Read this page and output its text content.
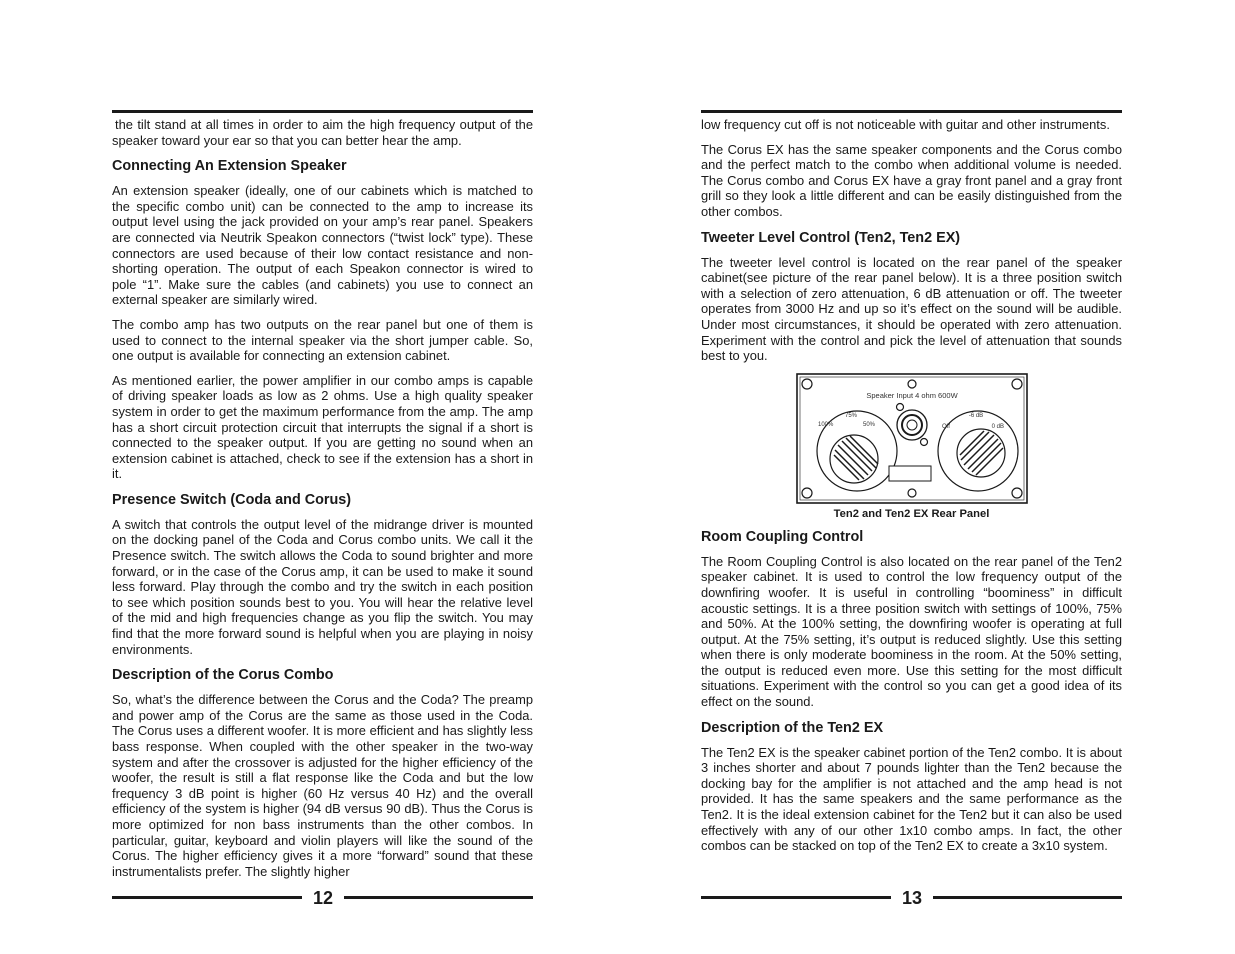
the tilt stand at all times in order to aim the high frequency output of the speaker toward your ear so that you can better hear the amp.

Connecting An Extension Speaker

An extension speaker (ideally, one of our cabinets which is matched to the specific combo unit) can be connected to the amp to increase its output level using the jack provided on your amp’s rear panel. Speakers are connected via Neutrik Speakon connectors (“twist lock” type). These connectors are used because of their low contact resistance and non-shorting operation. The output of each Speakon connector is wired to pole “1”. Make sure the cables (and cabinets) you use to connect an external speaker are similarly wired.

The combo amp has two outputs on the rear panel but one of them is used to connect to the internal speaker via the short jumper cable. So, one output is available for connecting an extension cabinet.

As mentioned earlier, the power amplifier in our combo amps is capable of driving speaker loads as low as 2 ohms. Use a high quality speaker system in order to get the maximum performance from the amp. The amp has a short circuit protection circuit that interrupts the signal if a short is connected to the speaker output. If you are getting no sound when an extension cabinet is attached, check to see if the extension has a short in it.

Presence Switch (Coda and Corus)

A switch that controls the output level of the midrange driver is mounted on the docking panel of the Coda and Corus combo units. We call it the Presence switch. The switch allows the Coda to sound brighter and more forward, or in the case of the Corus amp, it can be used to make it sound less forward. Play through the combo and try the switch in each position to see which position sounds best to you. You will hear the relative level of the mid and high frequencies change as you flip the switch. You may find that the more forward sound is helpful when you are playing in noisy environments.

Description of the Corus Combo

So, what’s the difference between the Corus and the Coda? The preamp and power amp of the Corus are the same as those used in the Coda. The Corus uses a different woofer. It is more efficient and has slightly less bass response. When coupled with the other speaker in the two-way system and after the crossover is adjusted for the higher efficiency of the woofer, the result is still a flat response like the Coda and but the low frequency 3 dB point is higher (60 Hz versus 40 Hz) and the overall efficiency of the system is higher (94 dB versus 90 dB). Thus the Corus is more optimized for non bass instruments than the other combos. In particular, guitar, keyboard and violin players will like the sound of the Corus. The higher efficiency gives it a more “forward” sound that these instrumentalists prefer. The slightly higher

12

low frequency cut off is not noticeable with guitar and other instruments.

The Corus EX has the same speaker components and the Corus combo and the perfect match to the combo when additional volume is needed. The Corus combo and Corus EX have a gray front panel and a gray front grill so they look a little different and can be easily distinguished from the other combos.

Tweeter Level Control (Ten2, Ten2 EX)

The tweeter level control is located on the rear panel of the speaker cabinet(see picture of the rear panel below). It is a three position switch with a selection of zero attenuation, 6 dB attenuation or off. The tweeter operates from 3000 Hz and up so it’s effect on the sound will be audible. Under most circumstances, it should be operated with zero attenuation. Experiment with the control and pick the level of attenuation that sounds best to you.

Speaker Input 4 ohm 600W
75%
100%	50%
-6 dB
Off	0 dB
Ten2 and Ten2 EX Rear Panel
Room Coupling Control

The Room Coupling Control is also located on the rear panel of the Ten2 speaker cabinet. It is used to control the low frequency output of the downfiring woofer. It is useful in controlling “boominess” in difficult acoustic settings. It is a three position switch with settings of 100%, 75% and 50%. At the 100% setting, the downfiring woofer is operating at full output. At the 75% setting, it’s output is reduced slightly. Use this setting when there is only moderate boominess in the room. At the 50% setting, the output is reduced even more. Use this setting for the most difficult situations. Experiment with the control so you can get a good idea of its effect on the sound.

Description of the Ten2 EX

The Ten2 EX is the speaker cabinet portion of the Ten2 combo. It is about 3 inches shorter and about 7 pounds lighter than the Ten2 because the docking bay for the amplifier is not attached and the amp head is not provided. It has the same speakers and the same performance as the Ten2. It is the ideal extension cabinet for the Ten2 but it can also be used effectively with any of our other 1x10 combo amps. In fact, the other combos can be stacked on top of the Ten2 EX to create a 3x10 system.

13
